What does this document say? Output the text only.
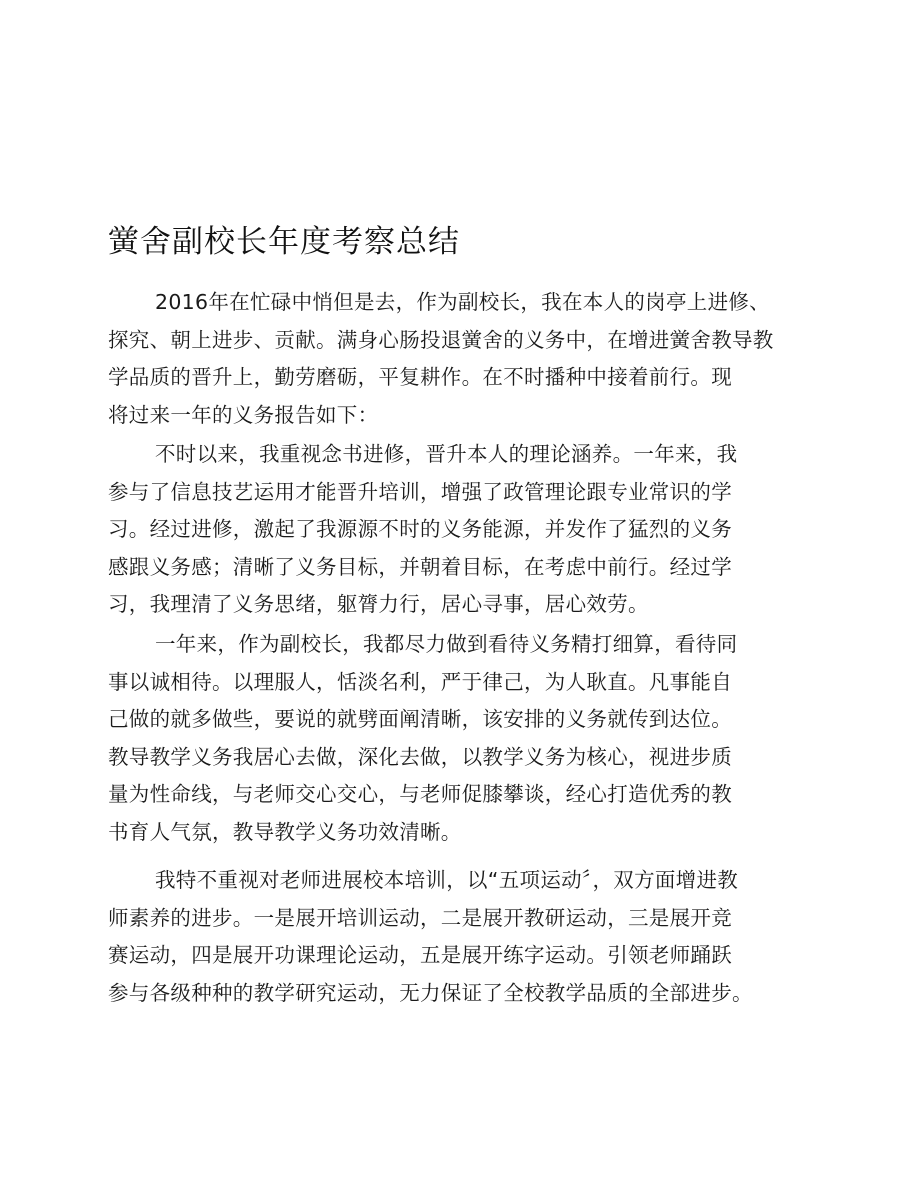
黉舍副校长年度考察总结

2016年在忙碌中悄但是去，作为副校长，我在本人的岗亭上进修、
探究、朝上进步、贡献。满身心肠投退黉舍的义务中，在增进黉舍教导教
学品质的晋升上，勤劳磨砺，平复耕作。在不时播种中接着前行。现
将过来一年的义务报告如下：

不时以来，我重视念书进修，晋升本人的理论涵养。一年来，我
参与了信息技艺运用才能晋升培训，增强了政管理论跟专业常识的学
习。经过进修，激起了我源源不时的义务能源，并发作了猛烈的义务
感跟义务感；清晰了义务目标，并朝着目标，在考虑中前行。经过学
习，我理清了义务思绪，躯膂力行，居心寻事，居心效劳。

一年来，作为副校长，我都尽力做到看待义务精打细算，看待同
事以诚相待。以理服人，恬淡名利，严于律己，为人耿直。凡事能自
己做的就多做些，要说的就劈面阐清晰，该安排的义务就传到达位。
教导教学义务我居心去做，深化去做，以教学义务为核心，视进步质
量为性命线，与老师交心交心，与老师促膝攀谈，经心打造优秀的教
书育人气氛，教导教学义务功效清晰。

我特不重视对老师进展校本培训，以“五项运动〞，双方面增进教
师素养的进步。一是展开培训运动，二是展开教研运动，三是展开竞
赛运动，四是展开功课理论运动，五是展开练字运动。引领老师踊跃
参与各级种种的教学研究运动，无力保证了全校教学品质的全部进步。
